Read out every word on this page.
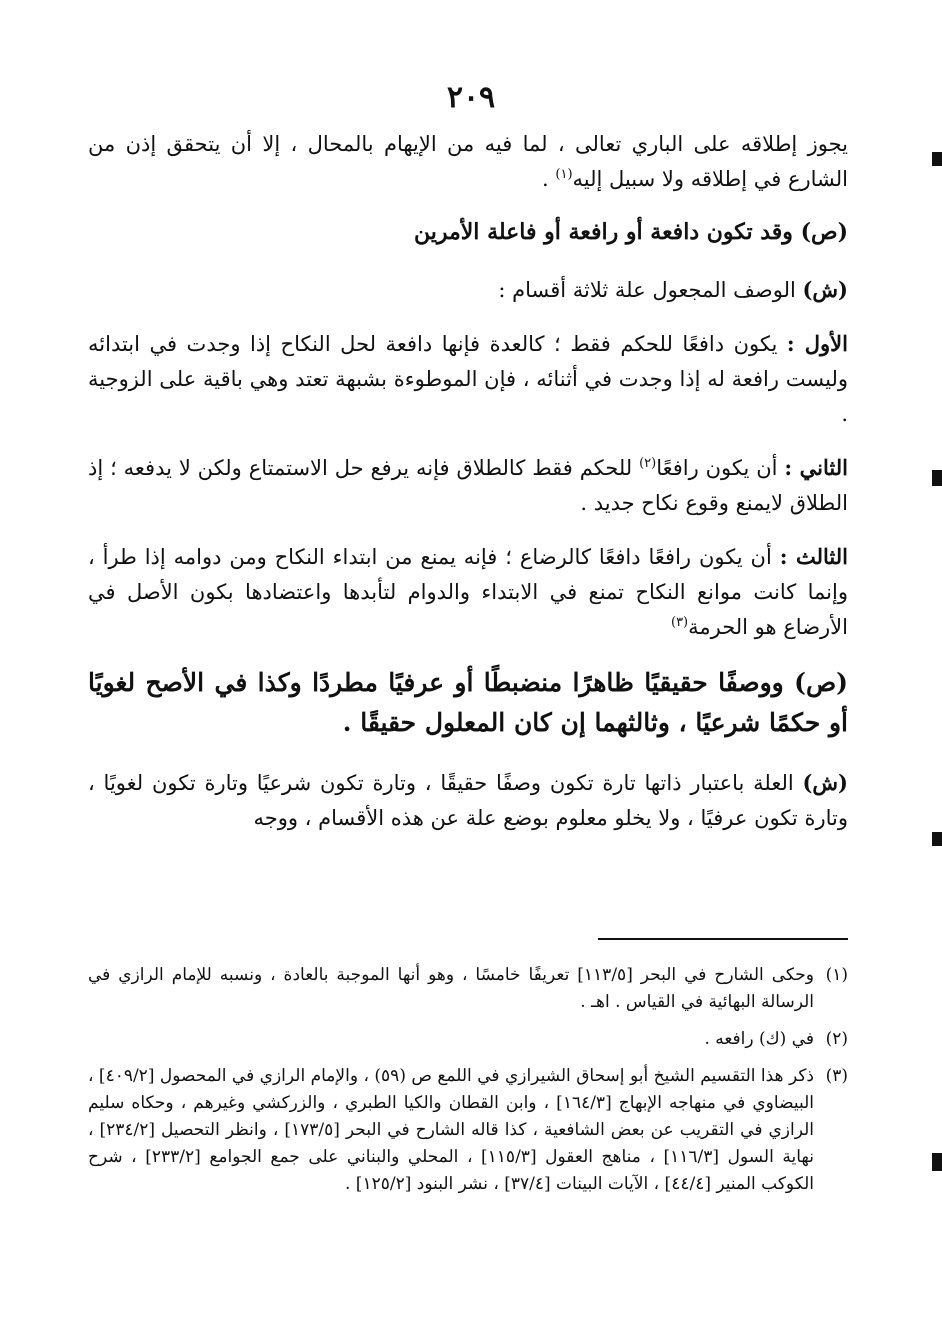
٢٠٩

يجوز إطلاقه على الباري تعالى ، لما فيه من الإيهام بالمحال ، إلا أن يتحقق إذن من الشارع في إطلاقه ولا سبيل إليه$^{(١)}$ .

(ص) وقد تكون دافعة أو رافعة أو فاعلة الأمرين

(ش) الوصف المجعول علة ثلاثة أقسام :

الأول : يكون دافعًا للحكم فقط ؛ كالعدة فإنها دافعة لحل النكاح إذا وجدت في ابتدائه وليست رافعة له إذا وجدت في أثنائه ، فإن الموطوءة بشبهة تعتد وهي باقية على الزوجية .

الثاني : أن يكون رافعًا$^{(٢)}$ للحكم فقط كالطلاق فإنه يرفع حل الاستمتاع ولكن لا يدفعه ؛ إذ الطلاق لايمنع وقوع نكاح جديد .

الثالث : أن يكون رافعًا دافعًا كالرضاع ؛ فإنه يمنع من ابتداء النكاح ومن دوامه إذا طرأ ، وإنما كانت موانع النكاح تمنع في الابتداء والدوام لتأبدها واعتضادها بكون الأصل في الأرضاع هو الحرمة$^{(٣)}$

(ص) ووصفًا حقيقيًا ظاهرًا منضبطًا أو عرفيًا مطردًا وكذا في الأصح لغويًا أو حكمًا شرعيًا ، وثالثهما إن كان المعلول حقيقًا .

(ش) العلة باعتبار ذاتها تارة تكون وصفًا حقيقًا ، وتارة تكون شرعيًا وتارة تكون لغويًا ، وتارة تكون عرفيًا ، ولا يخلو معلوم بوضع علة عن هذه الأقسام ، ووجه

(١)
وحكى الشارح في البحر [١١٣/٥] تعريفًا خامسًا ، وهو أنها الموجبة بالعادة ، ونسبه للإمام الرازي في الرسالة البهائية في القياس . اهـ .
(٢)
في (ك) رافعه .
(٣)
ذكر هذا التقسيم الشيخ أبو إسحاق الشيرازي في اللمع ص (٥٩) ، والإمام الرازي في المحصول [٤٠٩/٢] ، البيضاوي في منهاجه الإبهاج [١٦٤/٣] ، وابن القطان والكيا الطبري ، والزركشي وغيرهم ، وحكاه سليم الرازي في التقريب عن بعض الشافعية ، كذا قاله الشارح في البحر [١٧٣/٥] ، وانظر التحصيل [٢٣٤/٢] ، نهاية السول [١١٦/٣] ، مناهج العقول [١١٥/٣] ، المحلي والبناني على جمع الجوامع [٢٣٣/٢] ، شرح الكوكب المنير [٤٤/٤] ، الآيات البينات [٣٧/٤] ، نشر البنود [١٢٥/٢] .
